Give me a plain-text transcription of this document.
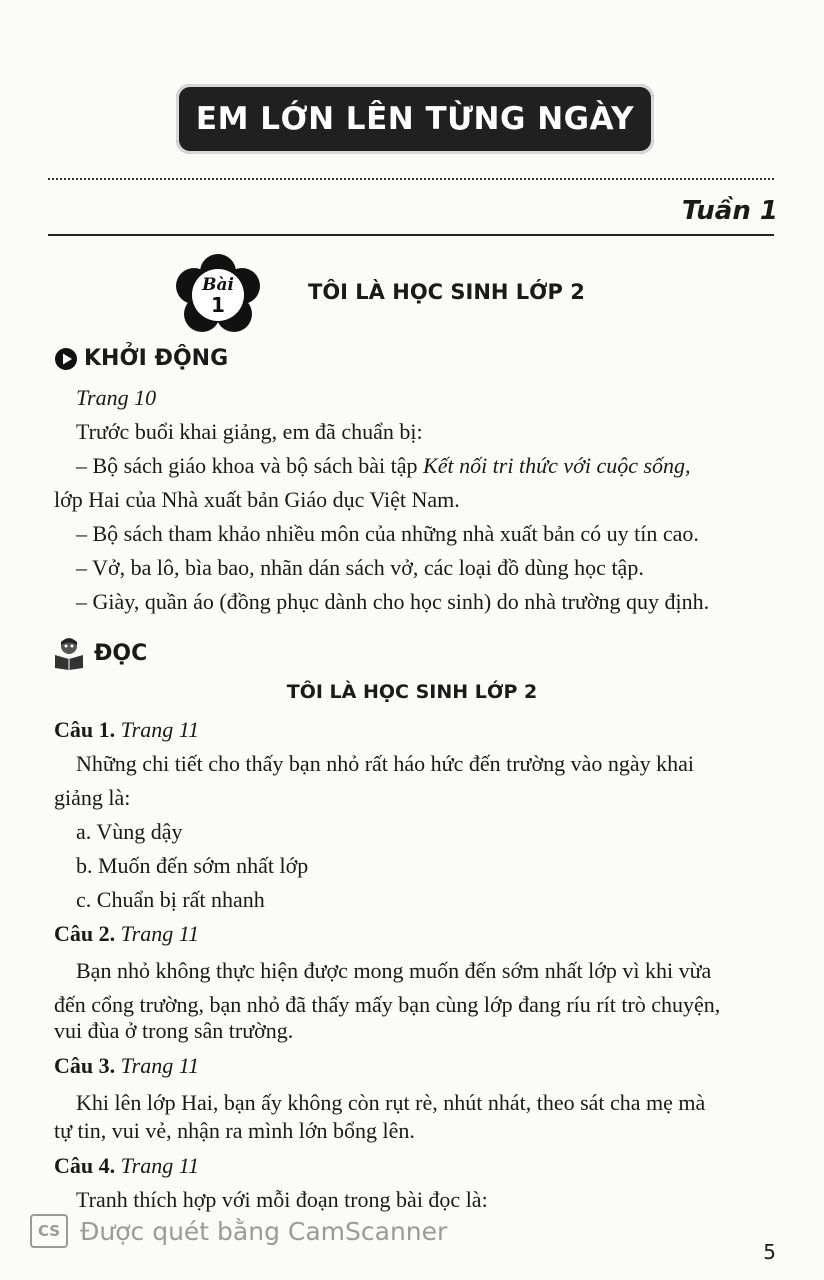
EM LỚN LÊN TỪNG NGÀY
Tuần 1
Bài
1
TÔI LÀ HỌC SINH LỚP 2
KHỞI ĐỘNG
Trang 10
Trước buổi khai giảng, em đã chuẩn bị:
– Bộ sách giáo khoa và bộ sách bài tập Kết nối tri thức với cuộc sống,
lớp Hai của Nhà xuất bản Giáo dục Việt Nam.
– Bộ sách tham khảo nhiều môn của những nhà xuất bản có uy tín cao.
– Vở, ba lô, bìa bao, nhãn dán sách vở, các loại đồ dùng học tập.
– Giày, quần áo (đồng phục dành cho học sinh) do nhà trường quy định.
ĐỌC
TÔI LÀ HỌC SINH LỚP 2
Câu 1. Trang 11
Những chi tiết cho thấy bạn nhỏ rất háo hức đến trường vào ngày khai
giảng là:
a. Vùng dậy
b. Muốn đến sớm nhất lớp
c. Chuẩn bị rất nhanh
Câu 2. Trang 11
Bạn nhỏ không thực hiện được mong muốn đến sớm nhất lớp vì khi vừa
đến cổng trường, bạn nhỏ đã thấy mấy bạn cùng lớp đang ríu rít trò chuyện,
vui đùa ở trong sân trường.
Câu 3. Trang 11
Khi lên lớp Hai, bạn ấy không còn rụt rè, nhút nhát, theo sát cha mẹ mà
tự tin, vui vẻ, nhận ra mình lớn bổng lên.
Câu 4. Trang 11
Tranh thích hợp với mỗi đoạn trong bài đọc là:
CS Được quét bằng CamScanner
5
